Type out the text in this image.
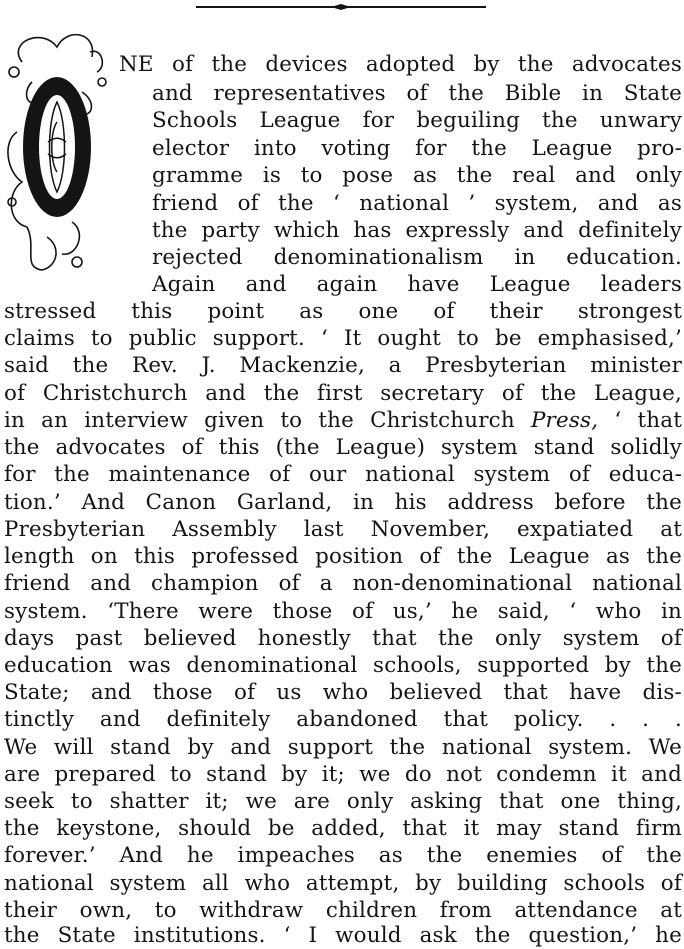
NE of the devices adopted by the advocates
and representatives of the Bible in State
Schools League for beguiling the unwary
elector into voting for the League pro-
gramme is to pose as the real and only
friend of the ‘ national ’ system, and as
the party which has expressly and definitely
rejected denominationalism in education.
Again and again have League leaders
stressed this point as one of their strongest
claims to public support. ‘ It ought to be emphasised,’
said the Rev. J. Mackenzie, a Presbyterian minister
of Christchurch and the first secretary of the League,
in an interview given to the Christchurch Press, ‘ that
the advocates of this (the League) system stand solidly
for the maintenance of our national system of educa-
tion.’ And Canon Garland, in his address before the
Presbyterian Assembly last November, expatiated at
length on this professed position of the League as the
friend and champion of a non-denominational national
system. ‘There were those of us,’ he said, ‘ who in
days past believed honestly that the only system of
education was denominational schools, supported by the
State; and those of us who believed that have dis-
tinctly and definitely abandoned that policy. . . .
We will stand by and support the national system. We
are prepared to stand by it; we do not condemn it and
seek to shatter it; we are only asking that one thing,
the keystone, should be added, that it may stand firm
forever.’ And he impeaches as the enemies of the
national system all who attempt, by building schools of
their own, to withdraw children from attendance at
the State institutions. ‘ I would ask the question,’ he
